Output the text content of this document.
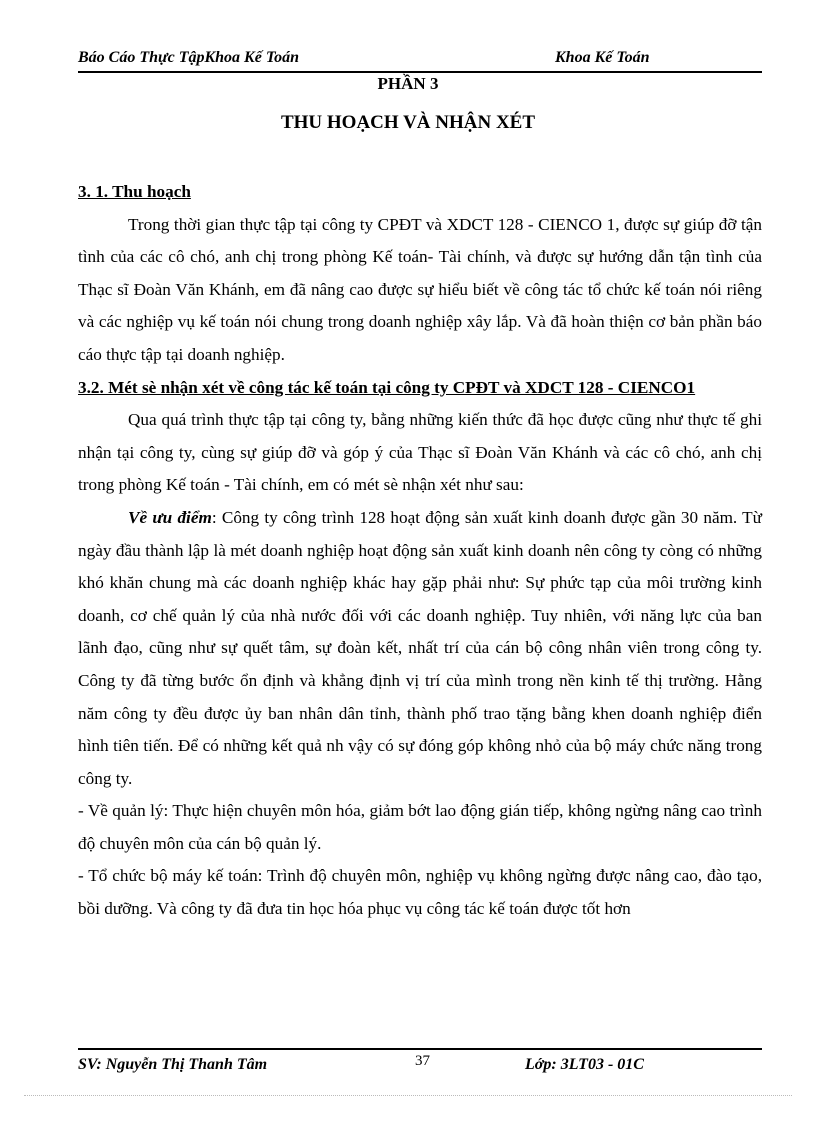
Báo Cáo Thực TậpKhoa Kế Toán	Khoa Kế Toán
PHẦN 3
THU HOẠCH VÀ NHẬN XÉT

3. 1. Thu hoạch

Trong thời gian thực tập tại công ty CPĐT và XDCT 128 - CIENCO 1, được sự giúp đỡ tận tình của các cô chó, anh chị trong phòng Kế toán- Tài chính, và được sự hướng dẫn tận tình của Thạc sĩ Đoàn Văn Khánh, em đã nâng cao được sự hiểu biết về công tác tổ chức kế toán nói riêng và các nghiệp vụ kế toán nói chung trong doanh nghiệp xây lắp. Và đã hoàn thiện cơ bản phần báo cáo thực tập tại doanh nghiệp.

3.2. Mét sè nhận xét về công tác kế toán tại công ty CPĐT và XDCT 128 - CIENCO1

Qua quá trình thực tập tại công ty, bằng những kiến thức đã học được cũng như thực tế ghi nhận tại công ty, cùng sự giúp đỡ và góp ý của Thạc sĩ Đoàn Văn Khánh và các cô chó, anh chị trong phòng Kế toán - Tài chính, em có mét sè nhận xét như sau:

Về ưu điểm: Công ty công trình 128 hoạt động sản xuất kinh doanh được gần 30 năm. Từ ngày đầu thành lập là mét doanh nghiệp hoạt động sản xuất kinh doanh nên công ty còng có những khó khăn chung mà các doanh nghiệp khác hay gặp phải như: Sự phức tạp của môi trường kinh doanh, cơ chế quản lý của nhà nước đối với các doanh nghiệp. Tuy nhiên, với năng lực của ban lãnh đạo, cũng như sự quết tâm, sự đoàn kết, nhất trí của cán bộ công nhân viên trong công ty. Công ty đã từng bước ổn định và khẳng định vị trí của mình trong nền kinh tế thị trường. Hằng năm công ty đều được ủy ban nhân dân tỉnh, thành phố trao tặng bằng khen doanh nghiệp điển hình tiên tiến. Để có những kết quả nh vậy có sự đóng góp không nhỏ của bộ máy chức năng trong công ty.

- Về quản lý: Thực hiện chuyên môn hóa, giảm bớt lao động gián tiếp, không ngừng nâng cao trình độ chuyên môn của cán bộ quản lý.

- Tổ chức bộ máy kế toán: Trình độ chuyên môn, nghiệp vụ không ngừng được nâng cao, đào tạo, bồi dưỡng. Và công ty đã đưa tin học hóa phục vụ công tác kế toán được tốt hơn

SV: Nguyễn Thị Thanh Tâm	37	Lớp: 3LT03 - 01C
